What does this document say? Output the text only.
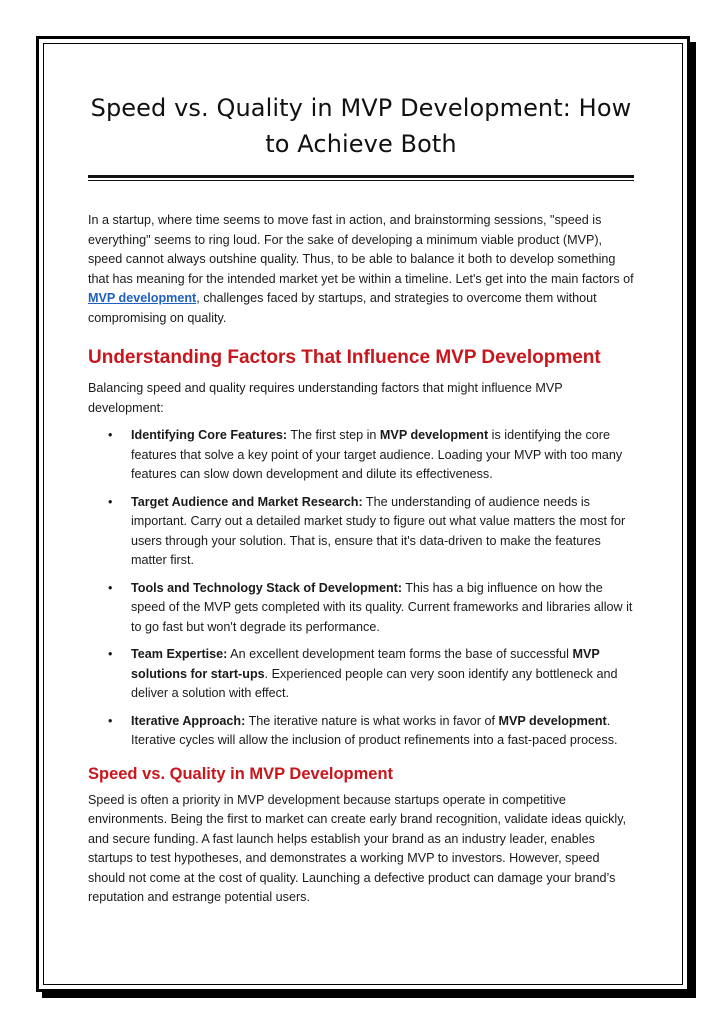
Speed vs. Quality in MVP Development: How to Achieve Both

In a startup, where time seems to move fast in action, and brainstorming sessions, "speed is everything" seems to ring loud. For the sake of developing a minimum viable product (MVP), speed cannot always outshine quality. Thus, to be able to balance it both to develop something that has meaning for the intended market yet be within a timeline. Let's get into the main factors of MVP development, challenges faced by startups, and strategies to overcome them without compromising on quality.

Understanding Factors That Influence MVP Development

Balancing speed and quality requires understanding factors that might influence MVP development:

• Identifying Core Features: The first step in MVP development is identifying the core features that solve a key point of your target audience. Loading your MVP with too many features can slow down development and dilute its effectiveness.
• Target Audience and Market Research: The understanding of audience needs is important. Carry out a detailed market study to figure out what value matters the most for users through your solution. That is, ensure that it's data-driven to make the features matter first.
• Tools and Technology Stack of Development: This has a big influence on how the speed of the MVP gets completed with its quality. Current frameworks and libraries allow it to go fast but won't degrade its performance.
• Team Expertise: An excellent development team forms the base of successful MVP solutions for start-ups. Experienced people can very soon identify any bottleneck and deliver a solution with effect.
• Iterative Approach: The iterative nature is what works in favor of MVP development. Iterative cycles will allow the inclusion of product refinements into a fast-paced process.
Speed vs. Quality in MVP Development

Speed is often a priority in MVP development because startups operate in competitive environments. Being the first to market can create early brand recognition, validate ideas quickly, and secure funding. A fast launch helps establish your brand as an industry leader, enables startups to test hypotheses, and demonstrates a working MVP to investors. However, speed should not come at the cost of quality. Launching a defective product can damage your brand’s reputation and estrange potential users.
